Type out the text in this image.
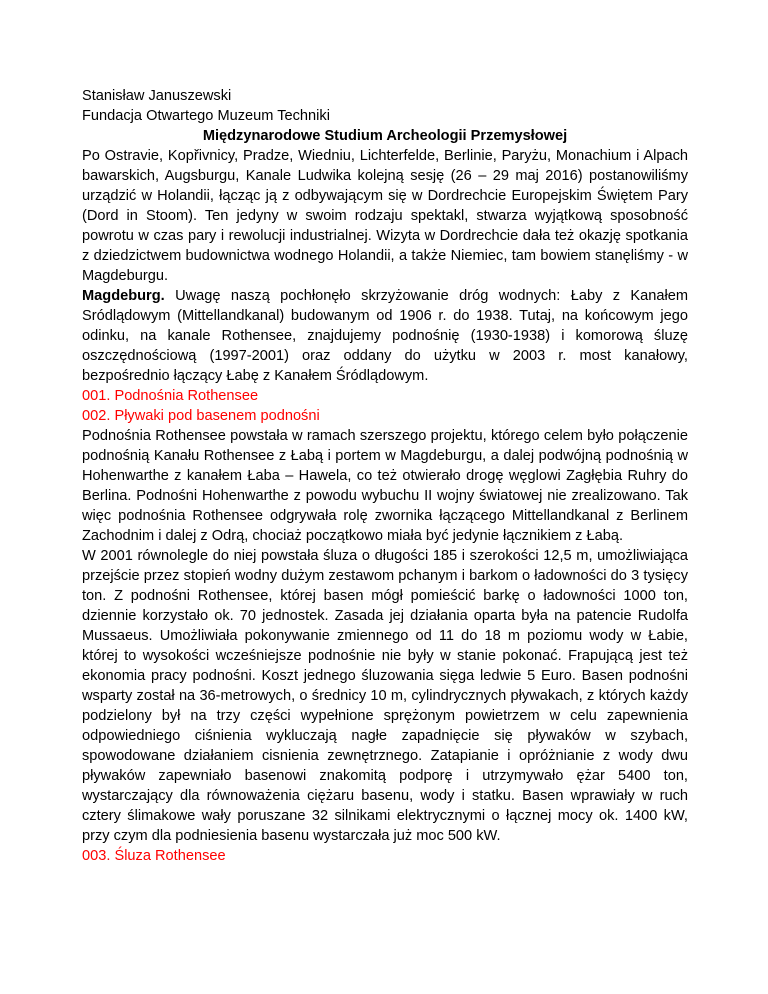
Stanisław Januszewski

Fundacja Otwartego Muzeum Techniki

Międzynarodowe Studium Archeologii Przemysłowej

Po Ostravie, Kopřivnicy, Pradze, Wiedniu, Lichterfelde, Berlinie, Paryżu, Monachium i Alpach bawarskich, Augsburgu, Kanale Ludwika kolejną sesję (26 – 29 maj 2016) postanowiliśmy urządzić w Holandii, łącząc ją z odbywającym się w Dordrechcie Europejskim Świętem Pary (Dord in Stoom). Ten jedyny w swoim rodzaju spektakl, stwarza wyjątkową sposobność powrotu w czas pary i rewolucji industrialnej. Wizyta w Dordrechcie dała też okazję spotkania z dziedzictwem budownictwa wodnego Holandii, a także Niemiec, tam bowiem stanęliśmy - w Magdeburgu.

Magdeburg. Uwagę naszą pochłonęło skrzyżowanie dróg wodnych: Łaby z Kanałem Sródlądowym (Mittellandkanal) budowanym od 1906 r. do 1938. Tutaj, na końcowym jego odinku, na kanale Rothensee, znajdujemy podnośnię (1930-1938) i komorową śluzę oszczędnościową (1997-2001) oraz oddany do użytku w 2003 r. most kanałowy, bezpośrednio łączący Łabę z Kanałem Śródlądowym.

001. Podnośnia Rothensee

002. Pływaki pod basenem podnośni

Podnośnia Rothensee powstała w ramach szerszego projektu, którego celem było połączenie podnośnią Kanału Rothensee z Łabą i portem w Magdeburgu, a dalej podwójną podnośnią w Hohenwarthe z kanałem Łaba – Hawela, co też otwierało drogę węglowi Zagłębia Ruhry do Berlina. Podnośni Hohenwarthe z powodu wybuchu II wojny światowej nie zrealizowano. Tak więc podnośnia Rothensee odgrywała rolę zwornika łączącego Mittellandkanal z Berlinem Zachodnim i dalej z Odrą, chociaż początkowo miała być jedynie łącznikiem z Łabą.

W 2001 równolegle do niej powstała śluza o długości 185 i szerokości 12,5 m, umożliwiająca przejście przez stopień wodny dużym zestawom pchanym i barkom o ładowności do 3 tysięcy ton. Z podnośni Rothensee, której basen mógł pomieścić barkę o ładowności 1000 ton, dziennie korzystało ok. 70 jednostek. Zasada jej działania oparta była na patencie Rudolfa Mussaeus. Umożliwiała pokonywanie zmiennego od 11 do 18 m poziomu wody w Łabie, której to wysokości wcześniejsze podnośnie nie były w stanie pokonać. Frapującą jest też ekonomia pracy podnośni. Koszt jednego śluzowania sięga ledwie 5 Euro. Basen podnośni wsparty został na 36-metrowych, o średnicy 10 m, cylindrycznych pływakach, z których każdy podzielony był na trzy części wypełnione sprężonym powietrzem w celu zapewnienia odpowiedniego ciśnienia wykluczają nagłe zapadnięcie się pływaków w szybach, spowodowane działaniem cisnienia zewnętrznego. Zatapianie i opróżnianie z wody dwu pływaków zapewniało basenowi znakomitą podporę i utrzymywało ężar 5400 ton, wystarczający dla równoważenia ciężaru basenu, wody i statku. Basen wprawiały w ruch cztery ślimakowe wały poruszane 32 silnikami elektrycznymi o łącznej mocy ok. 1400 kW, przy czym dla podniesienia basenu wystarczała już moc 500 kW.

003. Śluza Rothensee
